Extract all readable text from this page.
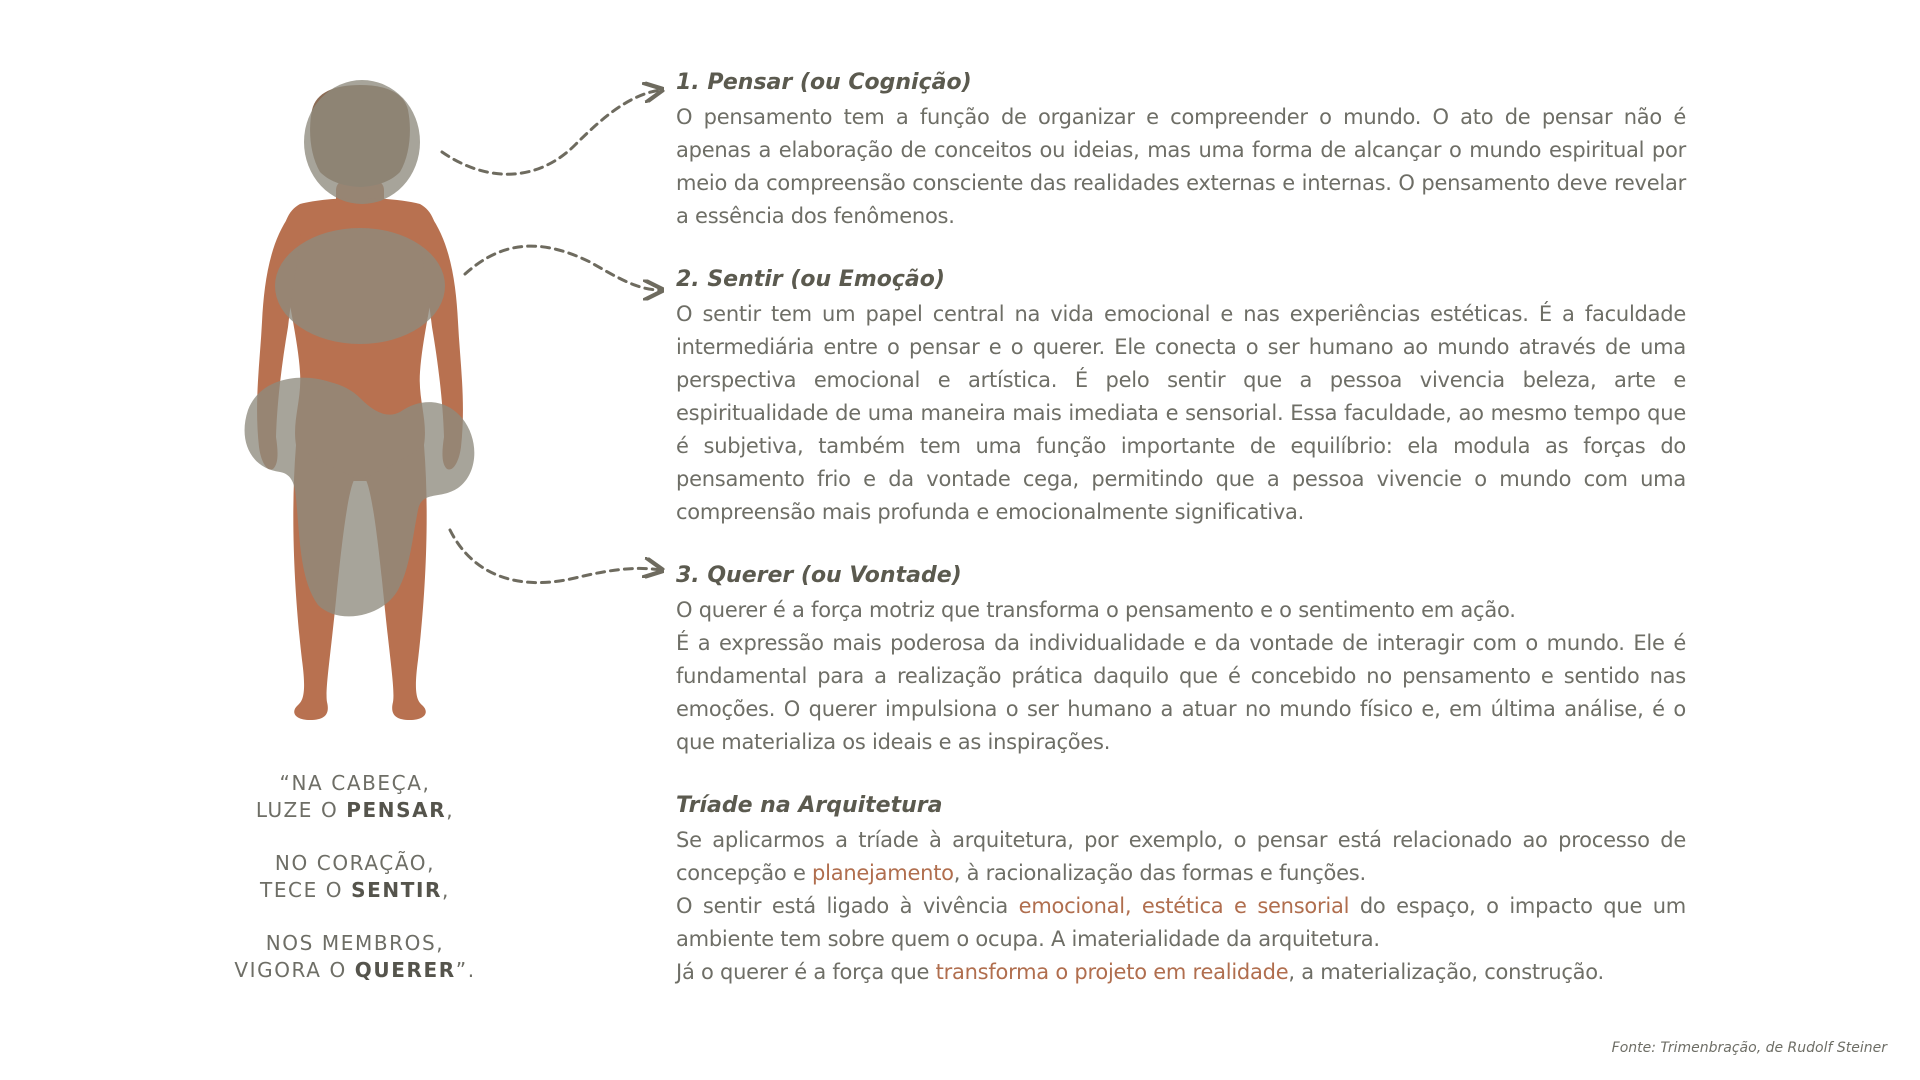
“NA CABEÇA,
LUZE O PENSAR,
NO CORAÇÃO,
TECE O SENTIR,
NOS MEMBROS,
VIGORA O QUERER”.
1. Pensar (ou Cognição)

O pensamento tem a função de organizar e compreender o mundo. O ato de pensar não é apenas a elaboração de conceitos ou ideias, mas uma forma de alcançar o mundo espiritual por meio da compreensão consciente das realidades externas e internas. O pensamento deve revelar a essência dos fenômenos.

2. Sentir (ou Emoção)

O sentir tem um papel central na vida emocional e nas experiências estéticas. É a faculdade intermediária entre o pensar e o querer. Ele conecta o ser humano ao mundo através de uma perspectiva emocional e artística. É pelo sentir que a pessoa vivencia beleza, arte e espiritualidade de uma maneira mais imediata e sensorial. Essa faculdade, ao mesmo tempo que é subjetiva, também tem uma função importante de equilíbrio: ela modula as forças do pensamento frio e da vontade cega, permitindo que a pessoa vivencie o mundo com uma compreensão mais profunda e emocionalmente significativa.

3. Querer (ou Vontade)

O querer é a força motriz que transforma o pensamento e o sentimento em ação.

É a expressão mais poderosa da individualidade e da vontade de interagir com o mundo. Ele é fundamental para a realização prática daquilo que é concebido no pensamento e sentido nas emoções. O querer impulsiona o ser humano a atuar no mundo físico e, em última análise, é o que materializa os ideais e as inspirações.

Tríade na Arquitetura

Se aplicarmos a tríade à arquitetura, por exemplo, o pensar está relacionado ao processo de concepção e planejamento, à racionalização das formas e funções.

O sentir está ligado à vivência emocional, estética e sensorial do espaço, o impacto que um ambiente tem sobre quem o ocupa. A imaterialidade da arquitetura.

Já o querer é a força que transforma o projeto em realidade, a materialização, construção.

Fonte: Trimenbração, de Rudolf Steiner
